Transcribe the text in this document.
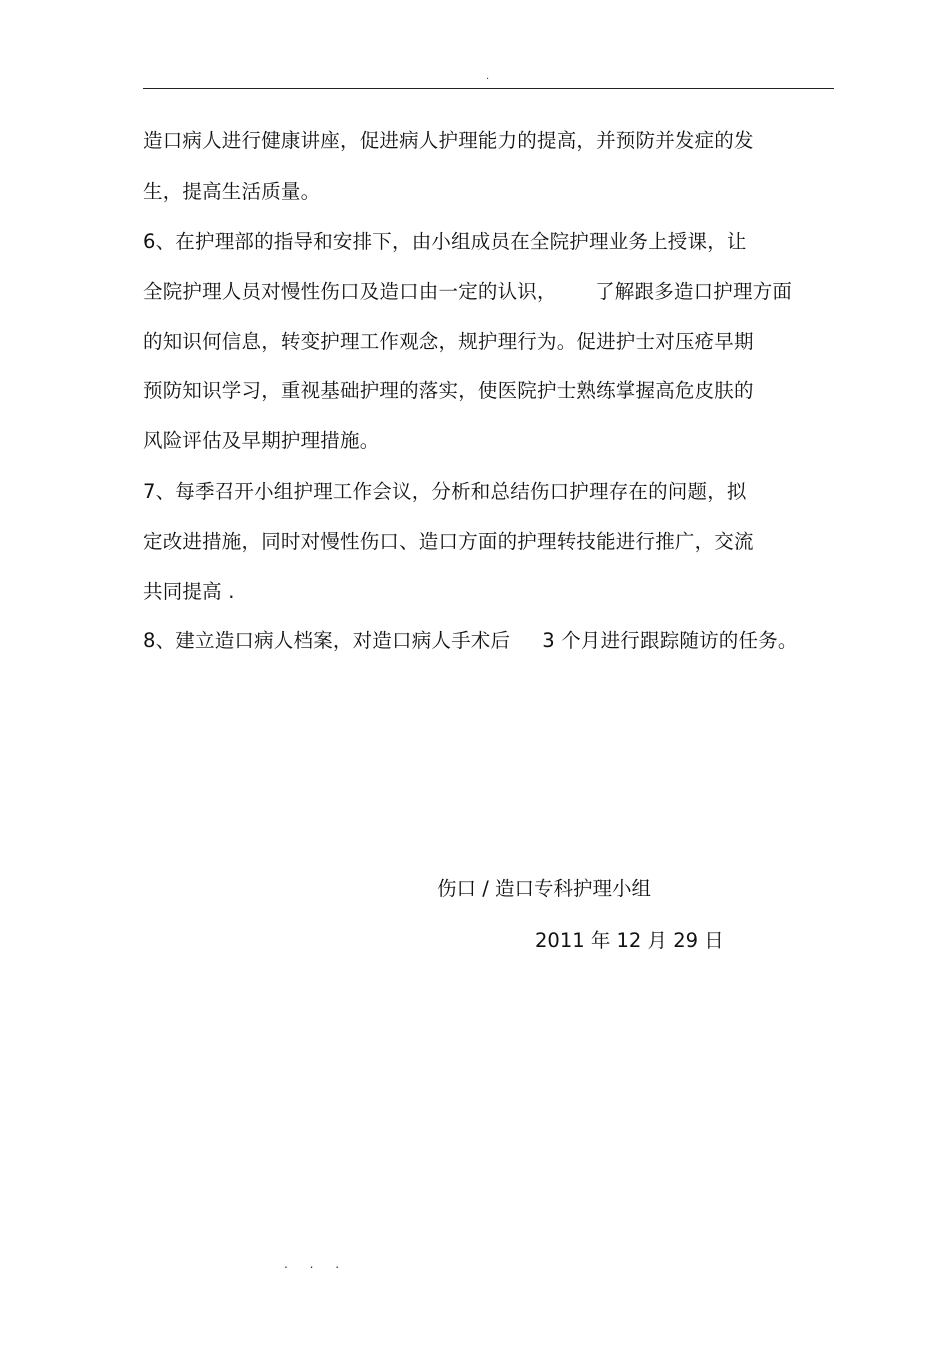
.
造口病人进行健康讲座，促进病人护理能力的提高，并预防并发症的发
生，提高生活质量。
6、在护理部的指导和安排下，由小组成员在全院护理业务上授课，让
全院护理人员对慢性伤口及造口由一定的认识，      了解跟多造口护理方面
的知识何信息，转变护理工作观念，规护理行为。促进护士对压疮早期
预防知识学习，重视基础护理的落实，使医院护士熟练掌握高危皮肤的
风险评估及早期护理措施。
7、每季召开小组护理工作会议，分析和总结伤口护理存在的问题，拟
定改进措施，同时对慢性伤口、造口方面的护理转技能进行推广，交流
共同提高 .
8、建立造口病人档案，对造口病人手术后     3 个月进行跟踪随访的任务。
伤口 / 造口专科护理小组
2011 年 12 月 29 日
. . .
